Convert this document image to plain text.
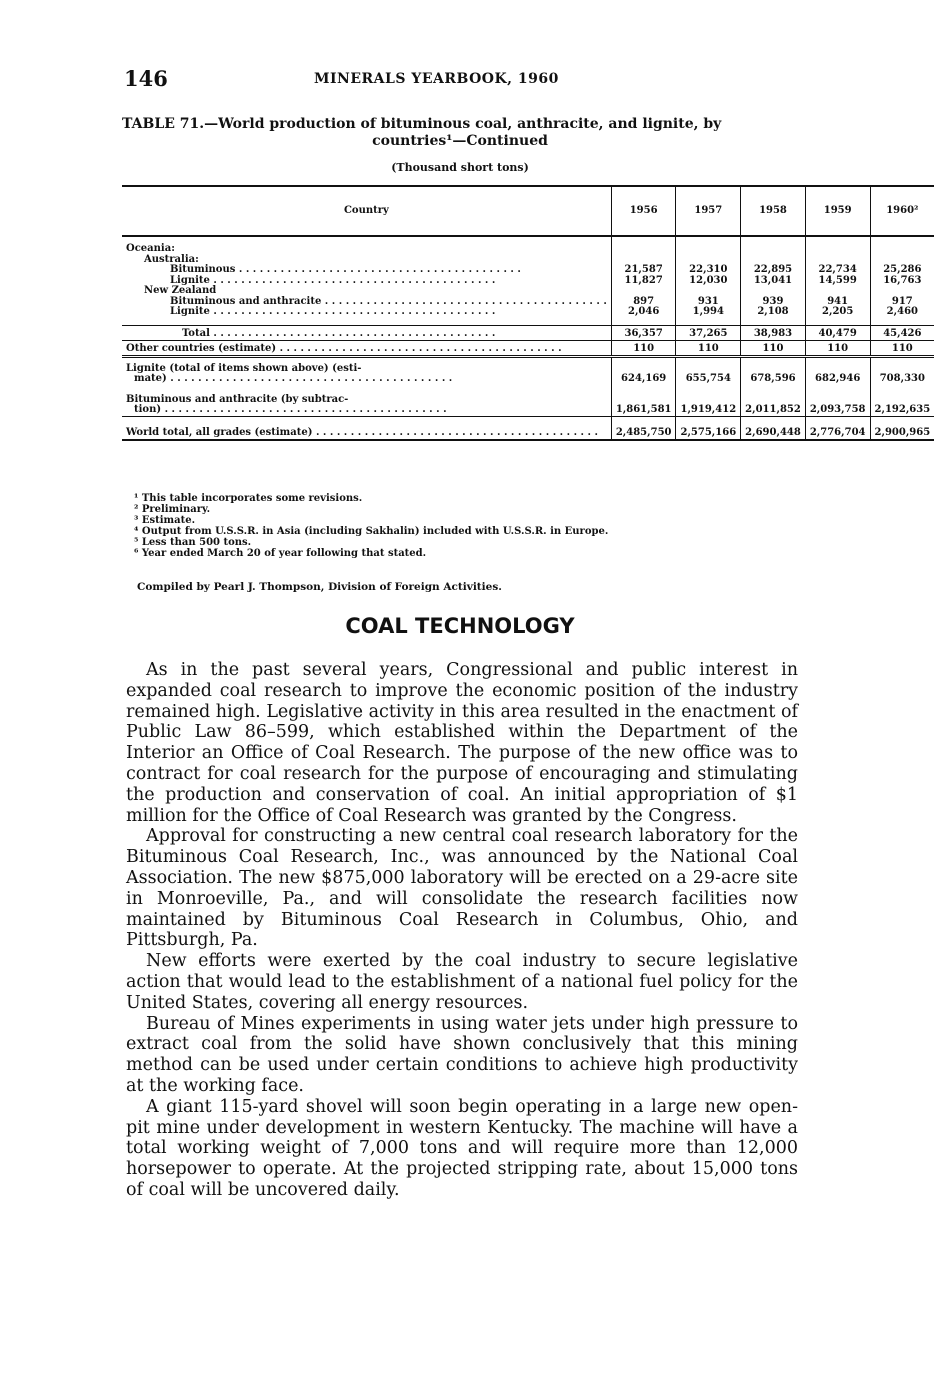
146	MINERALS YEARBOOK, 1960
TABLE 71.—World production of bituminous coal, anthracite, and lignite, by
countries¹—Continued
(Thousand short tons)
Country	1956	1957	1958	1959	1960²

Oceania:					
Australia:					
Bituminous . . .	21,587	22,310	22,895	22,734	25,286
Lignite . . .	11,827	12,030	13,041	14,599	16,763
New Zealand					
Bituminous and anthracite . . .	897	931	939	941	917
Lignite . . .	2,046	1,994	2,108	2,205	2,460

Total . . .	36,357	37,265	38,983	40,479	45,426
Other countries (estimate) . . .	110	110	110	110	110
Lignite (total of items shown above) (esti-					
mate) . . .	624,169	655,754	678,596	682,946	708,330

Bituminous and anthracite (by subtrac-					
tion) . . .	1,861,581	1,919,412	2,011,852	2,093,758	2,192,635
World total, all grades (estimate) . . .	2,485,750	2,575,166	2,690,448	2,776,704	2,900,965
¹ This table incorporates some revisions.
² Preliminary.
³ Estimate.
⁴ Output from U.S.S.R. in Asia (including Sakhalin) included with U.S.S.R. in Europe.
⁵ Less than 500 tons.
⁶ Year ended March 20 of year following that stated.
Compiled by Pearl J. Thompson, Division of Foreign Activities.
COAL TECHNOLOGY

As in the past several years, Congressional and public interest in expanded coal research to improve the economic position of the industry remained high. Legislative activity in this area resulted in the enactment of Public Law 86–599, which established within the Department of the Interior an Office of Coal Research. The purpose of the new office was to contract for coal research for the purpose of encouraging and stimulating the production and conservation of coal. An initial appropriation of $1 million for the Office of Coal Research was granted by the Congress.

Approval for constructing a new central coal research laboratory for the Bituminous Coal Research, Inc., was announced by the National Coal Association. The new $875,000 laboratory will be erected on a 29-acre site in Monroeville, Pa., and will consolidate the research facilities now maintained by Bituminous Coal Research in Columbus, Ohio, and Pittsburgh, Pa.

New efforts were exerted by the coal industry to secure legislative action that would lead to the establishment of a national fuel policy for the United States, covering all energy resources.

Bureau of Mines experiments in using water jets under high pressure to extract coal from the solid have shown conclusively that this mining method can be used under certain conditions to achieve high productivity at the working face.

A giant 115-yard shovel will soon begin operating in a large new open-pit mine under development in western Kentucky. The machine will have a total working weight of 7,000 tons and will require more than 12,000 horsepower to operate. At the projected stripping rate, about 15,000 tons of coal will be uncovered daily.
